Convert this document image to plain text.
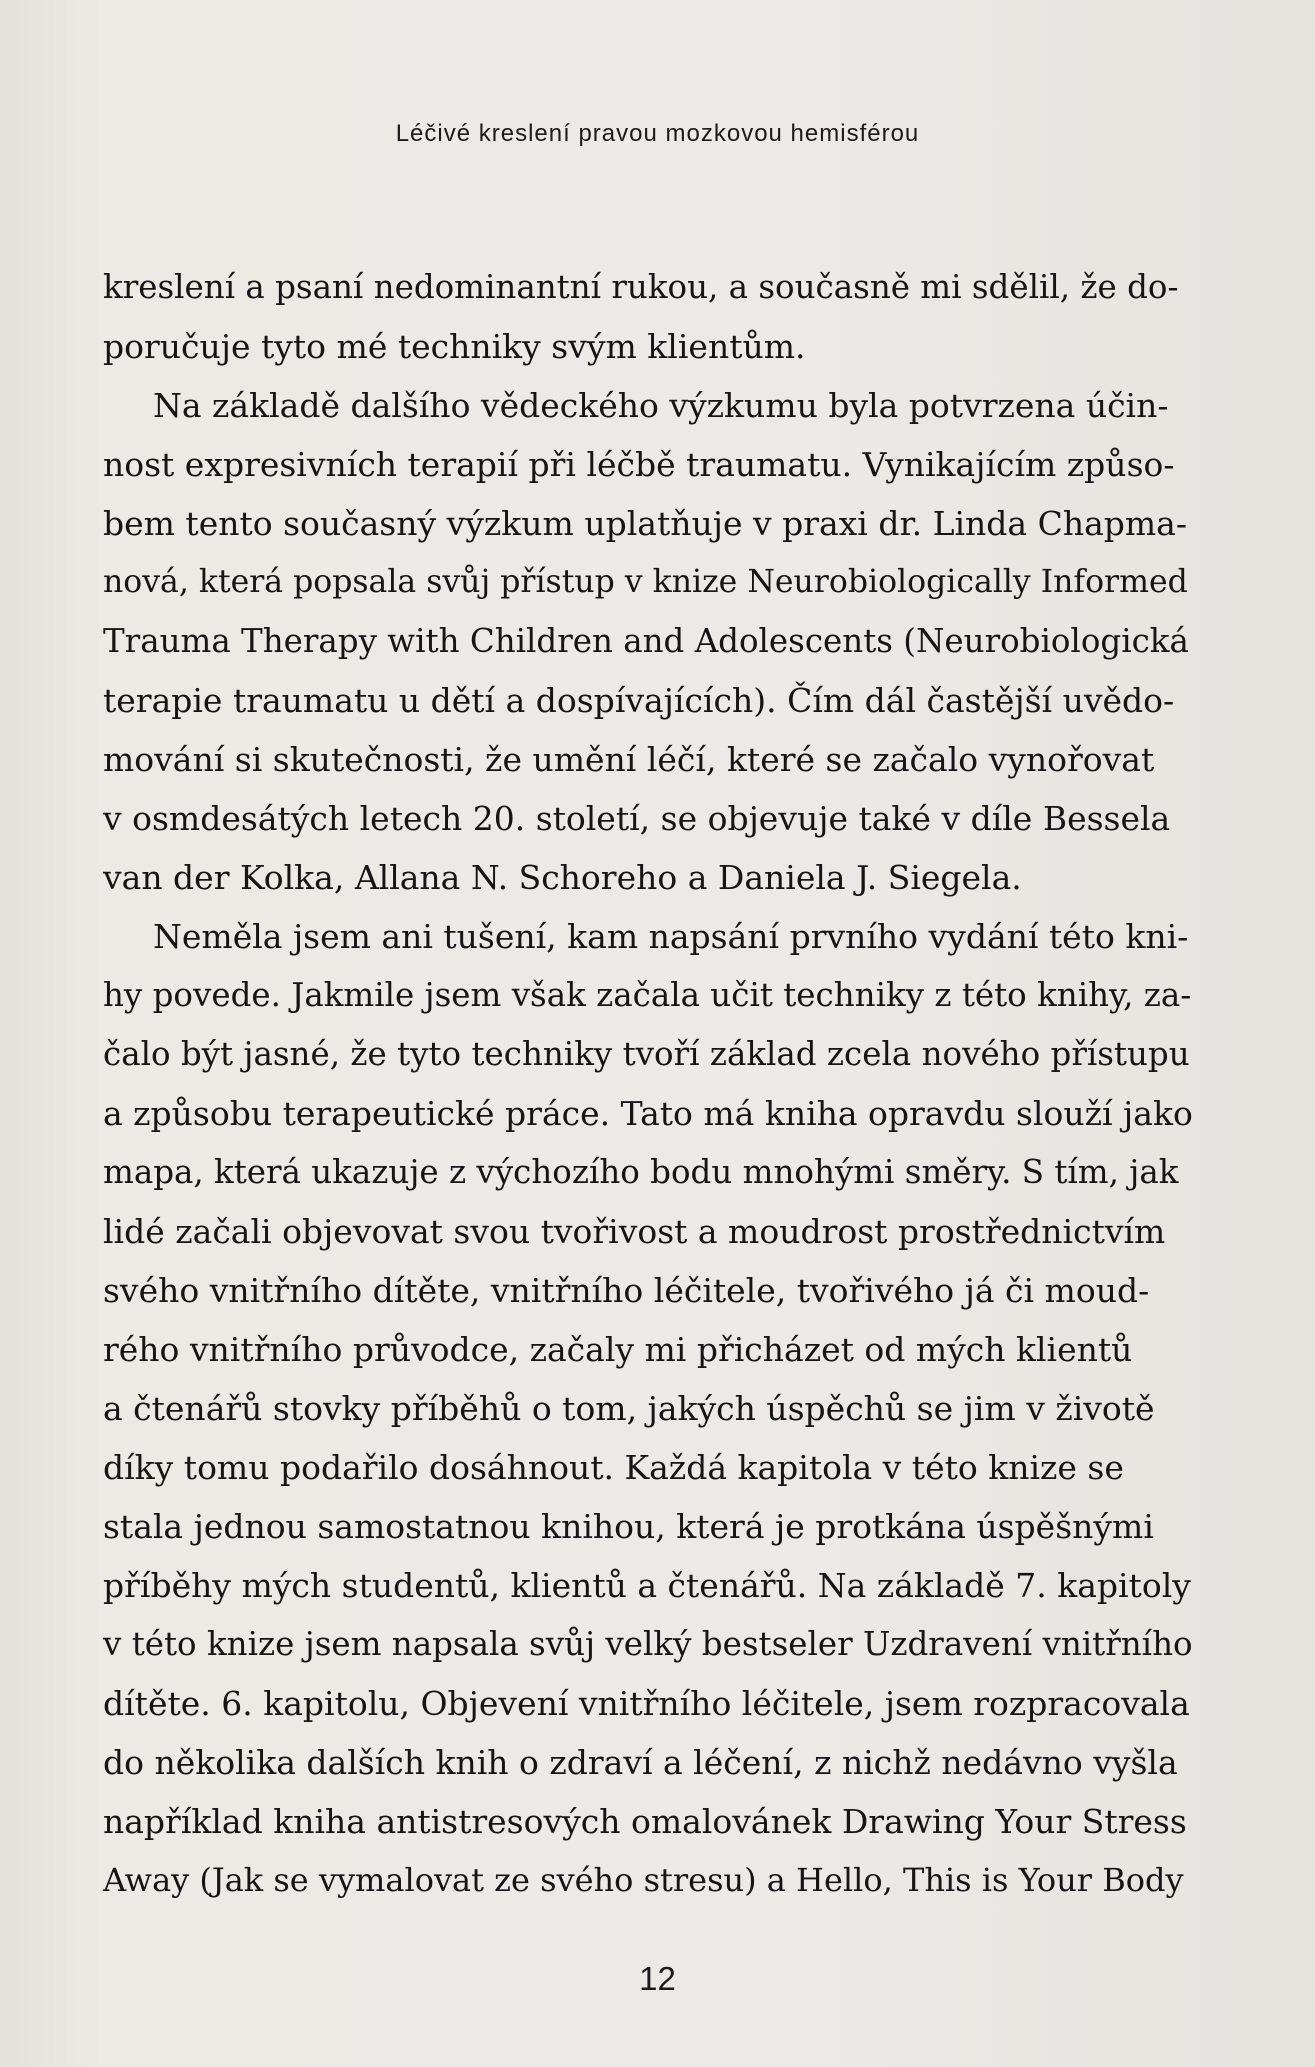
Léčivé kreslení pravou mozkovou hemisférou

kreslení a psaní nedominantní rukou, a současně mi sdělil, že do-
poručuje tyto mé techniky svým klientům.

Na základě dalšího vědeckého výzkumu byla potvrzena účin-
nost expresivních terapií při léčbě traumatu. Vynikajícím způso-
bem tento současný výzkum uplatňuje v praxi dr. Linda Chapma-
nová, která popsala svůj přístup v knize Neurobiologically Informed
Trauma Therapy with Children and Adolescents (Neurobiologická
terapie traumatu u dětí a dospívajících). Čím dál častější uvědo-
mování si skutečnosti, že umění léčí, které se začalo vynořovat
v osmdesátých letech 20. století, se objevuje také v díle Bessela
van der Kolka, Allana N. Schoreho a Daniela J. Siegela.

Neměla jsem ani tušení, kam napsání prvního vydání této kni-
hy povede. Jakmile jsem však začala učit techniky z této knihy, za-
čalo být jasné, že tyto techniky tvoří základ zcela nového přístupu
a způsobu terapeutické práce. Tato má kniha opravdu slouží jako
mapa, která ukazuje z výchozího bodu mnohými směry. S tím, jak
lidé začali objevovat svou tvořivost a moudrost prostřednictvím
svého vnitřního dítěte, vnitřního léčitele, tvořivého já či moud-
rého vnitřního průvodce, začaly mi přicházet od mých klientů
a čtenářů stovky příběhů o tom, jakých úspěchů se jim v životě
díky tomu podařilo dosáhnout. Každá kapitola v této knize se
stala jednou samostatnou knihou, která je protkána úspěšnými
příběhy mých studentů, klientů a čtenářů. Na základě 7. kapitoly
v této knize jsem napsala svůj velký bestseler Uzdravení vnitřního
dítěte. 6. kapitolu, Objevení vnitřního léčitele, jsem rozpracovala
do několika dalších knih o zdraví a léčení, z nichž nedávno vyšla
například kniha antistresových omalovánek Drawing Your Stress
Away (Jak se vymalovat ze svého stresu) a Hello, This is Your Body

12
